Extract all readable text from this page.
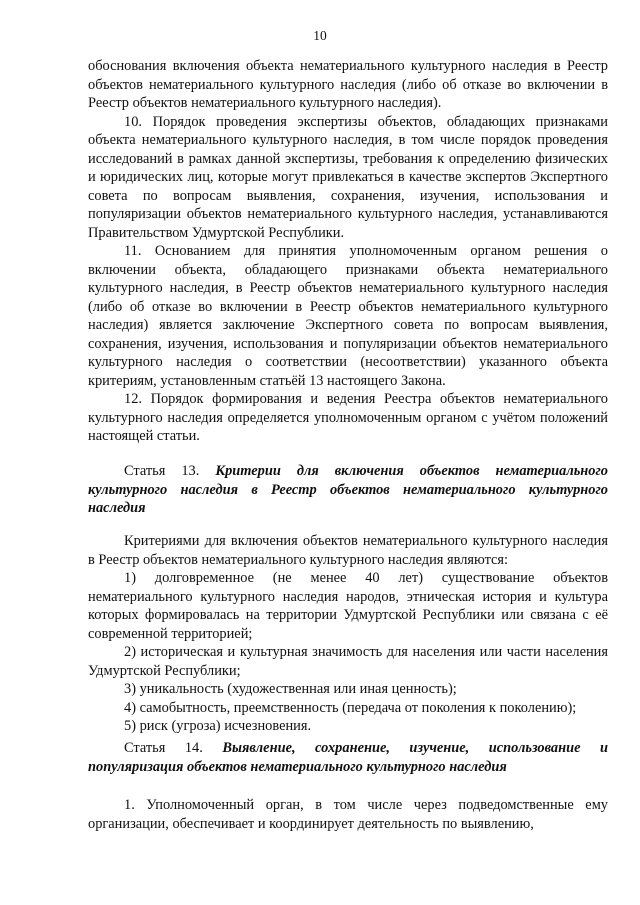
10

обоснования включения объекта нематериального культурного наследия в Реестр объектов нематериального культурного наследия (либо об отказе во включении в Реестр объектов нематериального культурного наследия).

10. Порядок проведения экспертизы объектов, обладающих признаками объекта нематериального культурного наследия, в том числе порядок проведения исследований в рамках данной экспертизы, требования к определению физических и юридических лиц, которые могут привлекаться в качестве экспертов Экспертного совета по вопросам выявления, сохранения, изучения, использования и популяризации объектов нематериального культурного наследия, устанавливаются Правительством Удмуртской Республики.

11. Основанием для принятия уполномоченным органом решения о включении объекта, обладающего признаками объекта нематериального культурного наследия, в Реестр объектов нематериального культурного наследия (либо об отказе во включении в Реестр объектов нематериального культурного наследия) является заключение Экспертного совета по вопросам выявления, сохранения, изучения, использования и популяризации объектов нематериального культурного наследия о соответствии (несоответствии) указанного объекта критериям, установленным статьёй 13 настоящего Закона.

12. Порядок формирования и ведения Реестра объектов нематериального культурного наследия определяется уполномоченным органом с учётом положений настоящей статьи.

Статья 13. Критерии для включения объектов нематериального культурного наследия в Реестр объектов нематериального культурного наследия

Критериями для включения объектов нематериального культурного наследия в Реестр объектов нематериального культурного наследия являются:

1) долговременное (не менее 40 лет) существование объектов нематериального культурного наследия народов, этническая история и культура которых формировалась на территории Удмуртской Республики или связана с её современной территорией;

2) историческая и культурная значимость для населения или части населения Удмуртской Республики;

3) уникальность (художественная или иная ценность);

4) самобытность, преемственность (передача от поколения к поколению);

5) риск (угроза) исчезновения.

Статья 14. Выявление, сохранение, изучение, использование и популяризация объектов нематериального культурного наследия

1. Уполномоченный орган, в том числе через подведомственные ему организации, обеспечивает и координирует деятельность по выявлению,
